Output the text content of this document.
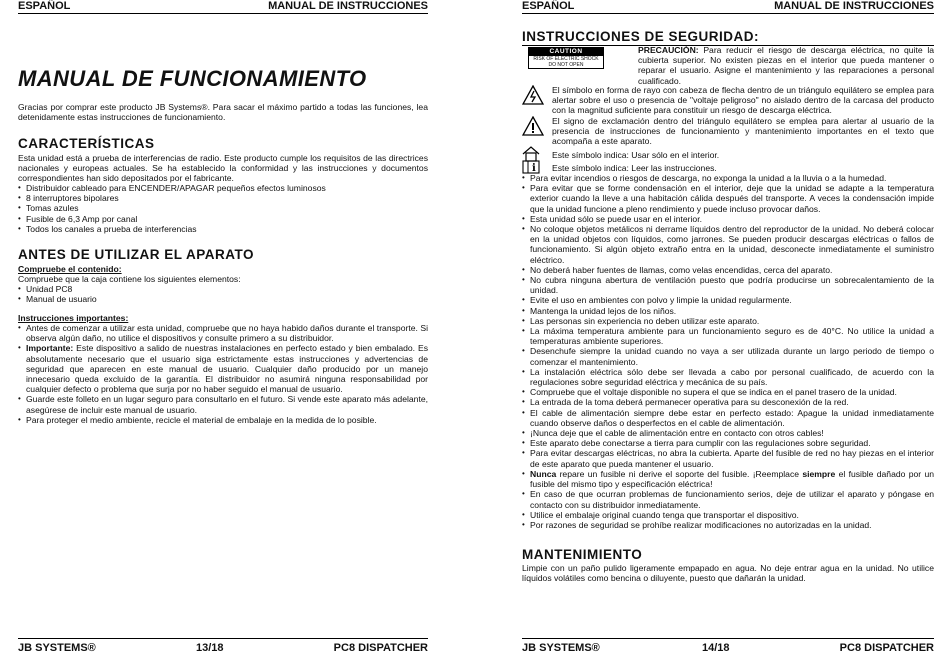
ESPAÑOL	MANUAL DE INSTRUCCIONES
MANUAL DE FUNCIONAMIENTO
Gracias por comprar este producto JB Systems®. Para sacar el máximo partido a todas las funciones, lea detenidamente estas instrucciones de funcionamiento.
CARACTERÍSTICAS
Esta unidad está a prueba de interferencias de radio. Este producto cumple los requisitos de las directrices nacionales y europeas actuales. Se ha establecido la conformidad y las instrucciones y documentos correspondientes han sido depositados por el fabricante.
• Distribuidor cableado para ENCENDER/APAGAR pequeños efectos luminosos
• 8 interruptores bipolares
• Tomas azules
• Fusible de 6,3 Amp por canal
• Todos los canales a prueba de interferencias
ANTES DE UTILIZAR EL APARATO
Compruebe el contenido:
Compruebe que la caja contiene los siguientes elementos:
• Unidad PC8
• Manual de usuario
Instrucciones importantes:
• Antes de comenzar a utilizar esta unidad, compruebe que no haya habido daños durante el transporte. Si observa algún daño, no utilice el dispositivos y consulte primero a su distribuidor.
• Importante: Este dispositivo a salido de nuestras instalaciones en perfecto estado y bien embalado. Es absolutamente necesario que el usuario siga estrictamente estas instrucciones y advertencias de seguridad que aparecen en este manual de usuario. Cualquier daño producido por un manejo innecesario queda excluido de la garantía. El distribuidor no asumirá ninguna responsabilidad por cualquier defecto o problema que surja por no haber seguido el manual de usuario.
• Guarde este folleto en un lugar seguro para consultarlo en el futuro. Si vende este aparato más adelante, asegúrese de incluir este manual de usuario.
• Para proteger el medio ambiente, recicle el material de embalaje en la medida de lo posible.
JB SYSTEMS®	13/18	PC8 DISPATCHER
ESPAÑOL	MANUAL DE INSTRUCCIONES
INSTRUCCIONES DE SEGURIDAD:
CAUTION
RISK OF ELECTRIC SHOCK DO NOT OPEN
PRECAUCIÓN: Para reducir el riesgo de descarga eléctrica, no quite la cubierta superior. No existen piezas en el interior que pueda mantener o reparar el usuario. Asigne el mantenimiento y las reparaciones a personal cualificado.
El símbolo en forma de rayo con cabeza de flecha dentro de un triángulo equilátero se emplea para alertar sobre el uso o presencia de "voltaje peligroso" no aislado dentro de la carcasa del producto con la magnitud suficiente para constituir un riesgo de descarga eléctrica.
El signo de exclamación dentro del triángulo equilátero se emplea para alertar al usuario de la presencia de instrucciones de funcionamiento y mantenimiento importantes en el texto que acompaña a este aparato.
Este símbolo indica: Usar sólo en el interior.
i Este símbolo indica: Leer las instrucciones.
• Para evitar incendios o riesgos de descarga, no exponga la unidad a la lluvia o a la humedad.
• Para evitar que se forme condensación en el interior, deje que la unidad se adapte a la temperatura exterior cuando la lleve a una habitación cálida después del transporte. A veces la condensación impide que la unidad funcione a pleno rendimiento y puede incluso provocar daños.
• Esta unidad sólo se puede usar en el interior.
• No coloque objetos metálicos ni derrame líquidos dentro del reproductor de la unidad. No deberá colocar en la unidad objetos con líquidos, como jarrones. Se pueden producir descargas eléctricas o fallos de funcionamiento. Si algún objeto extraño entra en la unidad, desconecte inmediatamente el suministro eléctrico.
• No deberá haber fuentes de llamas, como velas encendidas, cerca del aparato.
• No cubra ninguna abertura de ventilación puesto que podría producirse un sobrecalentamiento de la unidad.
• Evite el uso en ambientes con polvo y limpie la unidad regularmente.
• Mantenga la unidad lejos de los niños.
• Las personas sin experiencia no deben utilizar este aparato.
• La máxima temperatura ambiente para un funcionamiento seguro es de 40°C. No utilice la unidad a temperaturas ambiente superiores.
• Desenchufe siempre la unidad cuando no vaya a ser utilizada durante un largo periodo de tiempo o comenzar el mantenimiento.
• La instalación eléctrica sólo debe ser llevada a cabo por personal cualificado, de acuerdo con la regulaciones sobre seguridad eléctrica y mecánica de su país.
• Compruebe que el voltaje disponible no supera el que se indica en el panel trasero de la unidad.
• La entrada de la toma deberá permanecer operativa para su desconexión de la red.
• El cable de alimentación siempre debe estar en perfecto estado: Apague la unidad inmediatamente cuando observe daños o desperfectos en el cable de alimentación.
• ¡Nunca deje que el cable de alimentación entre en contacto con otros cables!
• Este aparato debe conectarse a tierra para cumplir con las regulaciones sobre seguridad.
• Para evitar descargas eléctricas, no abra la cubierta. Aparte del fusible de red no hay piezas en el interior de este aparato que pueda mantener el usuario.
• Nunca repare un fusible ni derive el soporte del fusible. ¡Reemplace siempre el fusible dañado por un fusible del mismo tipo y especificación eléctrica!
• En caso de que ocurran problemas de funcionamiento serios, deje de utilizar el aparato y póngase en contacto con su distribuidor inmediatamente.
• Utilice el embalaje original cuando tenga que transportar el dispositivo.
• Por razones de seguridad se prohíbe realizar modificaciones no autorizadas en la unidad.
MANTENIMIENTO
Limpie con un paño pulido ligeramente empapado en agua. No deje entrar agua en la unidad. No utilice líquidos volátiles como bencina o diluyente, puesto que dañarán la unidad.
JB SYSTEMS®	14/18	PC8 DISPATCHER
